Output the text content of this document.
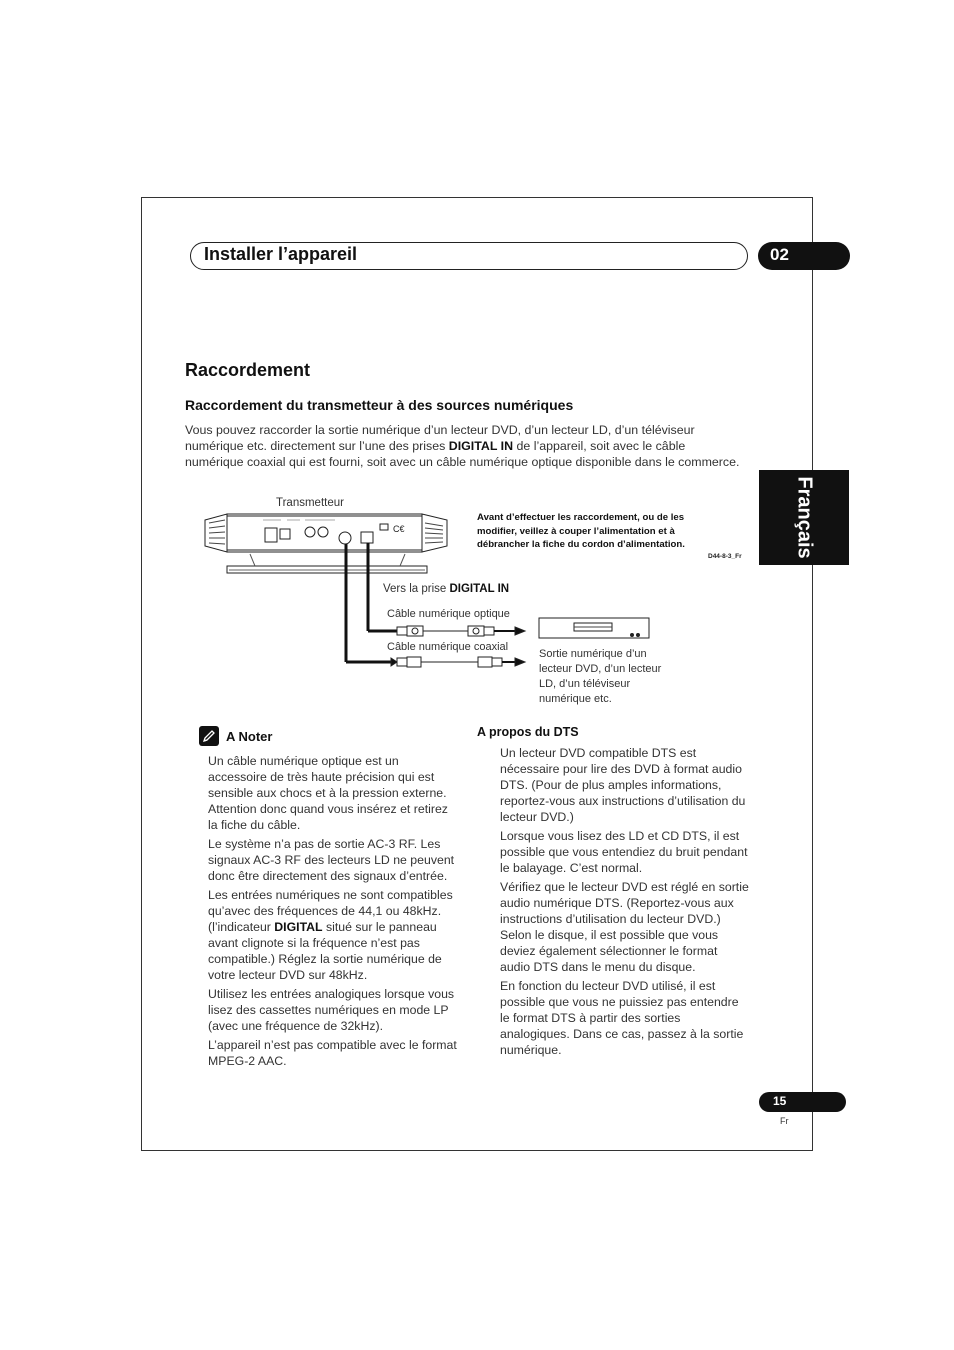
Installer l’appareil	02
Français
Raccordement
Raccordement du transmetteur à des sources numériques
Vous pouvez raccorder la sortie numérique d’un lecteur DVD, d’un lecteur LD, d’un téléviseur numérique etc. directement sur l’une des prises DIGITAL IN de l’appareil, soit avec le câble numérique coaxial qui est fourni, soit avec un câble numérique optique disponible dans le commerce.
C€
Transmetteur
Avant d’effectuer les raccordement, ou de les modifier, veillez à couper l’alimentation et à débrancher la fiche du cordon d’alimentation.
D44-8-3_Fr
Vers la prise DIGITAL IN
Câble numérique optique
Câble numérique coaxial
Sortie numérique d’un
lecteur DVD, d’un lecteur
LD, d’un téléviseur
numérique etc.
A Noter
Un câble numérique optique est un accessoire de très haute précision qui est sensible aux chocs et à la pression externe. Attention donc quand vous insérez et retirez la fiche du câble.
Le système n’a pas de sortie AC-3 RF. Les signaux AC-3 RF des lecteurs LD ne peuvent donc être directement des signaux d’entrée.
Les entrées numériques ne sont compatibles qu’avec des fréquences de 44,1 ou 48kHz. (l’indicateur DIGITAL situé sur le panneau avant clignote si la fréquence n’est pas compatible.) Réglez la sortie numérique de votre lecteur DVD sur 48kHz.
Utilisez les entrées analogiques lorsque vous lisez des cassettes numériques en mode LP (avec une fréquence de 32kHz).
L’appareil n’est pas compatible avec le format MPEG-2 AAC.
A propos du DTS
Un lecteur DVD compatible DTS est nécessaire pour lire des DVD à format audio DTS. (Pour de plus amples informations, reportez-vous aux instructions d’utilisation du lecteur DVD.)
Lorsque vous lisez des LD et CD DTS, il est possible que vous entendiez du bruit pendant le balayage. C’est normal.
Vérifiez que le lecteur DVD est réglé en sortie audio numérique DTS. (Reportez-vous aux instructions d’utilisation du lecteur DVD.) Selon le disque, il est possible que vous deviez également sélectionner le format audio DTS dans le menu du disque.
En fonction du lecteur DVD utilisé, il est possible que vous ne puissiez pas entendre le format DTS à partir des sorties analogiques. Dans ce cas, passez à la sortie numérique.
15
Fr
